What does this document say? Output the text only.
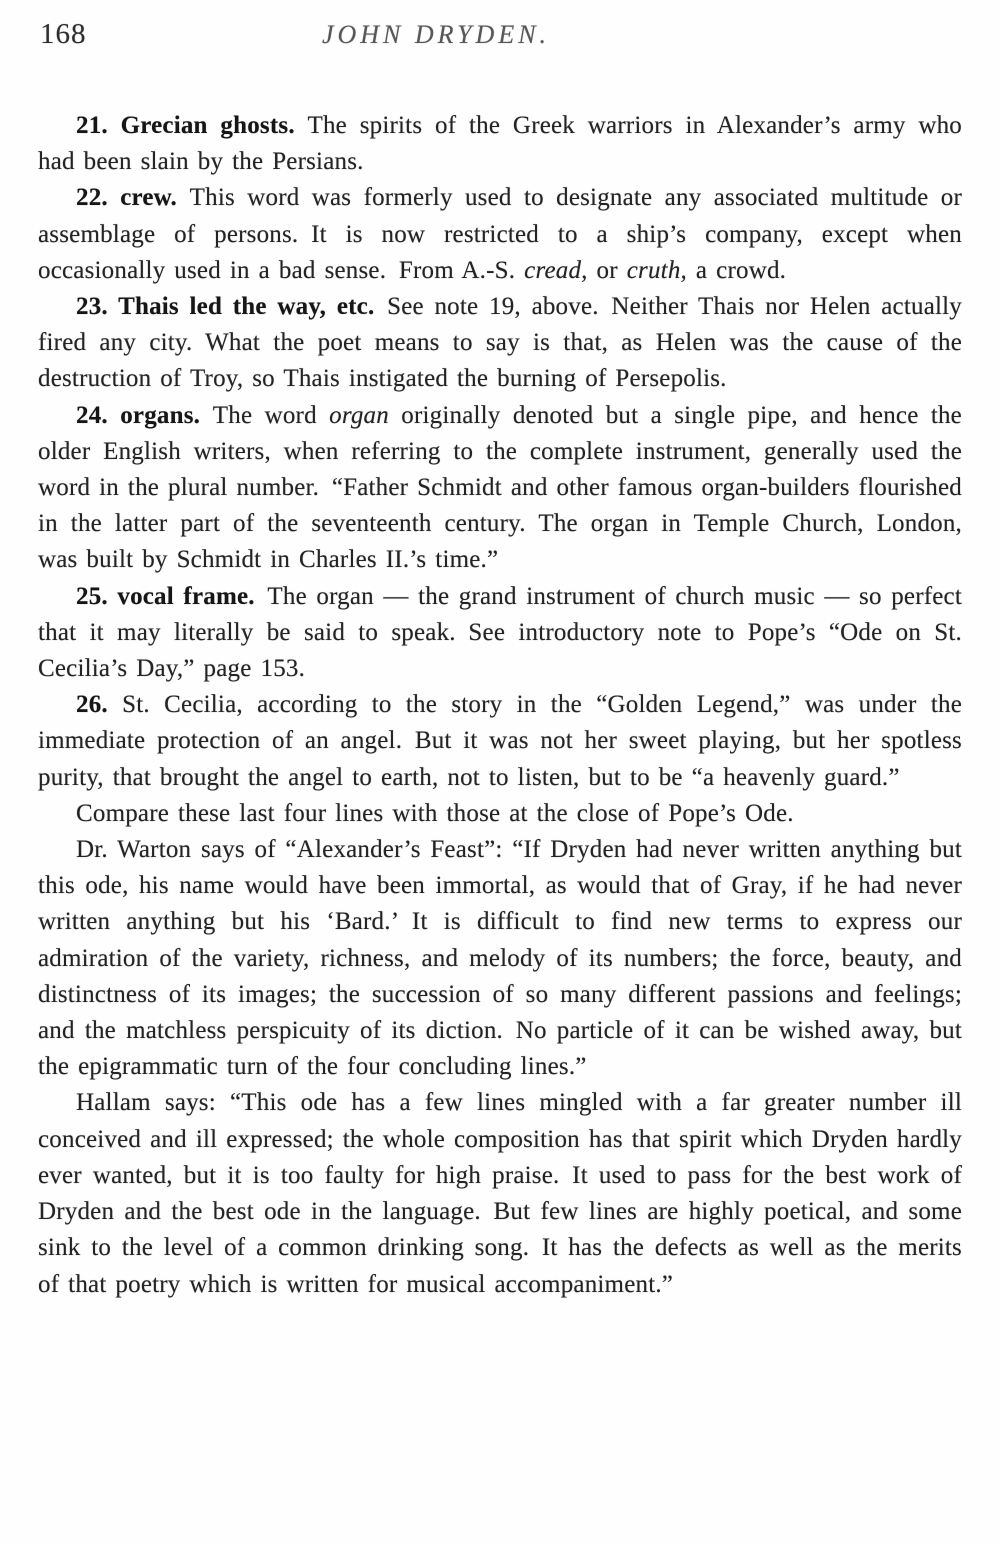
168	JOHN DRYDEN.

21. Grecian ghosts. The spirits of the Greek warriors in Alexander’s army who had been slain by the Persians.

22. crew. This word was formerly used to designate any associated multitude or assemblage of persons. It is now restricted to a ship’s company, except when occasionally used in a bad sense. From A.-S. cread, or cruth, a crowd.

23. Thais led the way, etc. See note 19, above. Neither Thais nor Helen actually fired any city. What the poet means to say is that, as Helen was the cause of the destruction of Troy, so Thais instigated the burning of Persepolis.

24. organs. The word organ originally denoted but a single pipe, and hence the older English writers, when referring to the complete instrument, generally used the word in the plural number. “Father Schmidt and other famous organ-builders flourished in the latter part of the seventeenth century. The organ in Temple Church, London, was built by Schmidt in Charles II.’s time.”

25. vocal frame. The organ — the grand instrument of church music — so perfect that it may literally be said to speak. See introductory note to Pope’s “Ode on St. Cecilia’s Day,” page 153.

26. St. Cecilia, according to the story in the “Golden Legend,” was under the immediate protection of an angel. But it was not her sweet playing, but her spotless purity, that brought the angel to earth, not to listen, but to be “a heavenly guard.”

Compare these last four lines with those at the close of Pope’s Ode.

Dr. Warton says of “Alexander’s Feast”: “If Dryden had never written anything but this ode, his name would have been immortal, as would that of Gray, if he had never written anything but his ‘Bard.’ It is difficult to find new terms to express our admiration of the variety, richness, and melody of its numbers; the force, beauty, and distinctness of its images; the succession of so many different passions and feelings; and the matchless perspicuity of its diction. No particle of it can be wished away, but the epigrammatic turn of the four concluding lines.”

Hallam says: “This ode has a few lines mingled with a far greater number ill conceived and ill expressed; the whole composition has that spirit which Dryden hardly ever wanted, but it is too faulty for high praise. It used to pass for the best work of Dryden and the best ode in the language. But few lines are highly poetical, and some sink to the level of a common drinking song. It has the defects as well as the merits of that poetry which is written for musical accompaniment.”
